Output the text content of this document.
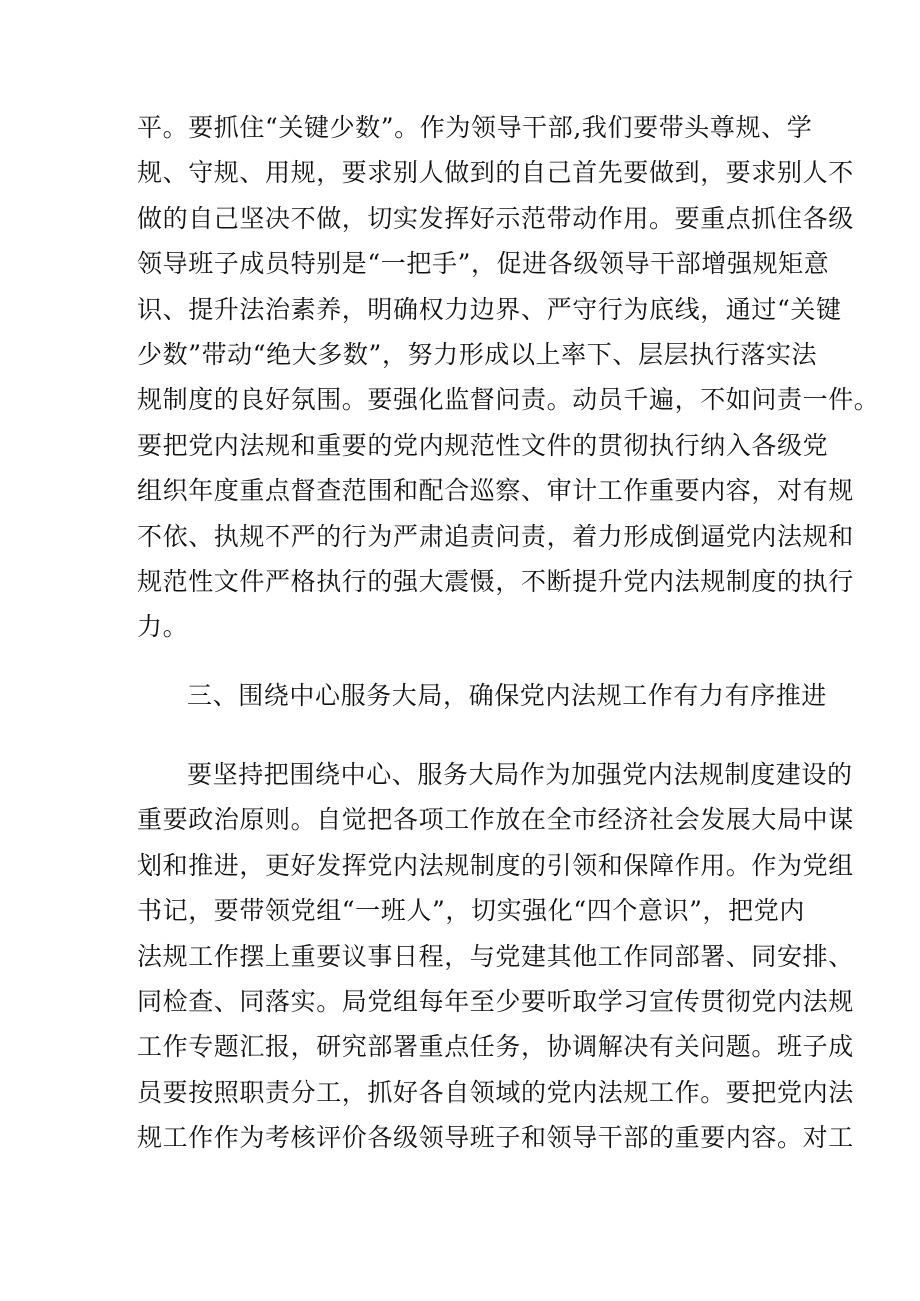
平。要抓住“关键少数”。作为领导干部,我们要带头尊规、学
规、守规、用规，要求别人做到的自己首先要做到，要求别人不
做的自己坚决不做，切实发挥好示范带动作用。要重点抓住各级
领导班子成员特别是“一把手”，促进各级领导干部增强规矩意
识、提升法治素养，明确权力边界、严守行为底线，通过“关键
少数”带动“绝大多数”，努力形成以上率下、层层执行落实法
规制度的良好氛围。要强化监督问责。动员千遍，不如问责一件。
要把党内法规和重要的党内规范性文件的贯彻执行纳入各级党
组织年度重点督查范围和配合巡察、审计工作重要内容，对有规
不依、执规不严的行为严肃追责问责，着力形成倒逼党内法规和
规范性文件严格执行的强大震慑，不断提升党内法规制度的执行
力。
三、围绕中心服务大局，确保党内法规工作有力有序推进
要坚持把围绕中心、服务大局作为加强党内法规制度建设的
重要政治原则。自觉把各项工作放在全市经济社会发展大局中谋
划和推进，更好发挥党内法规制度的引领和保障作用。作为党组
书记，要带领党组“一班人”，切实强化“四个意识”，把党内
法规工作摆上重要议事日程，与党建其他工作同部署、同安排、
同检查、同落实。局党组每年至少要听取学习宣传贯彻党内法规
工作专题汇报，研究部署重点任务，协调解决有关问题。班子成
员要按照职责分工，抓好各自领域的党内法规工作。要把党内法
规工作作为考核评价各级领导班子和领导干部的重要内容。对工
